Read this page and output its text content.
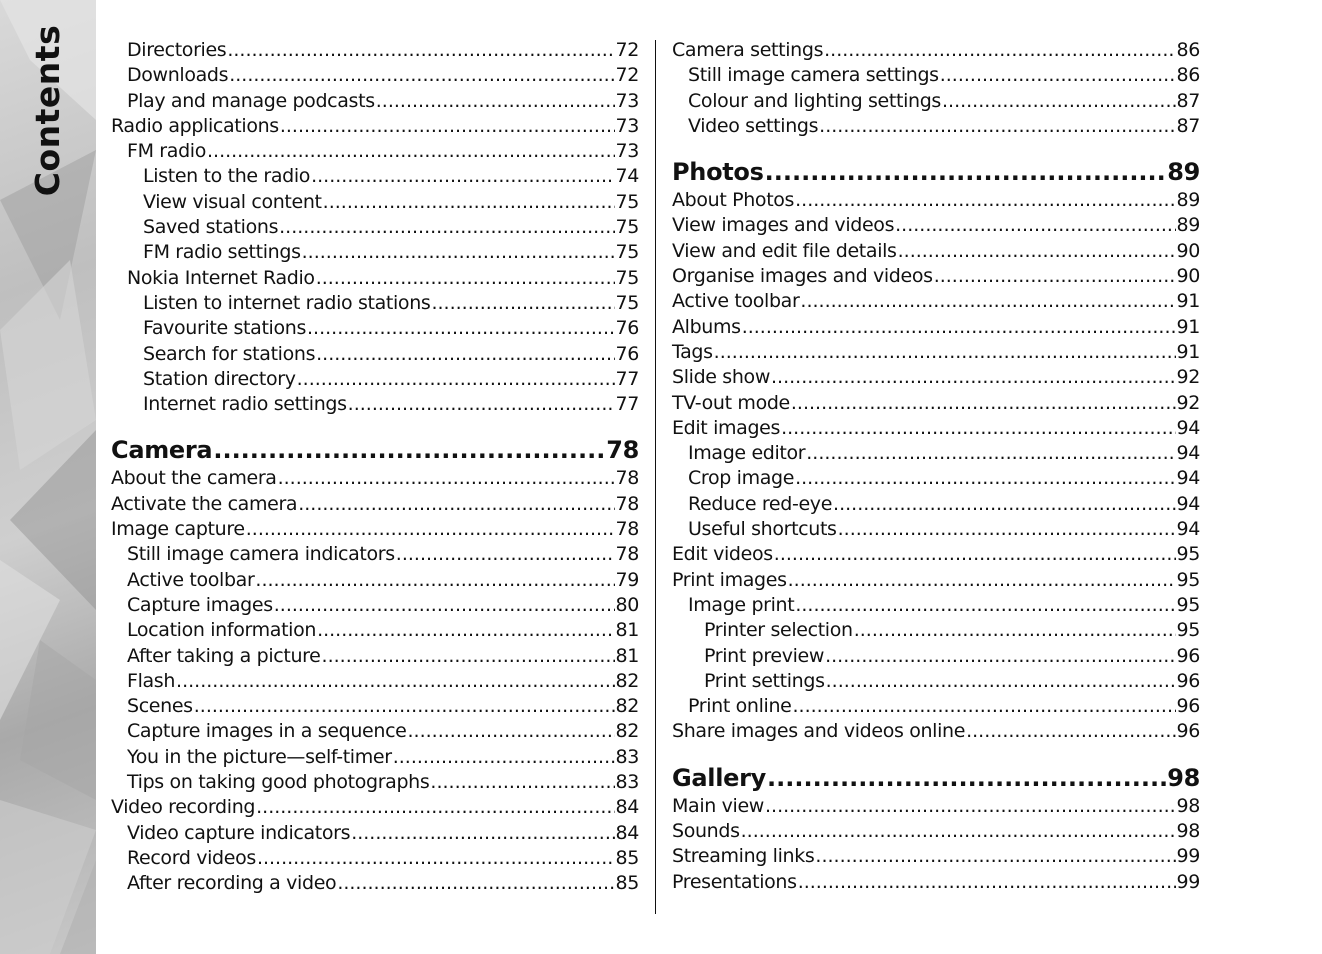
Contents	Directories .....	72
Downloads .....	72
Play and manage podcasts .....	73
Radio applications .....	73
FM radio .....	73
Listen to the radio .....	74
View visual content .....	75
Saved stations .....	75
FM radio settings .....	75
Nokia Internet Radio .....	75
Listen to internet radio stations .....	75
Favourite stations .....	76
Search for stations .....	76
Station directory .....	77
Internet radio settings .....	77
Camera .....	78
About the camera .....	78
Activate the camera .....	78
Image capture .....	78
Still image camera indicators .....	78
Active toolbar .....	79
Capture images .....	80
Location information .....	81
After taking a picture .....	81
Flash .....	82
Scenes .....	82
Capture images in a sequence .....	82
You in the picture—self-timer .....	83
Tips on taking good photographs .....	83
Video recording .....	84
Video capture indicators .....	84
Record videos .....	85
After recording a video .....	85
Camera settings .....	86
Still image camera settings .....	86
Colour and lighting settings .....	87
Video settings .....	87
Photos .....	89
About Photos .....	89
View images and videos .....	89
View and edit file details .....	90
Organise images and videos .....	90
Active toolbar .....	91
Albums .....	91
Tags .....	91
Slide show .....	92
TV-out mode .....	92
Edit images .....	94
Image editor .....	94
Crop image .....	94
Reduce red-eye .....	94
Useful shortcuts .....	94
Edit videos .....	95
Print images .....	95
Image print .....	95
Printer selection .....	95
Print preview .....	96
Print settings .....	96
Print online .....	96
Share images and videos online .....	96
Gallery .....	98
Main view .....	98
Sounds .....	98
Streaming links .....	99
Presentations .....	99
